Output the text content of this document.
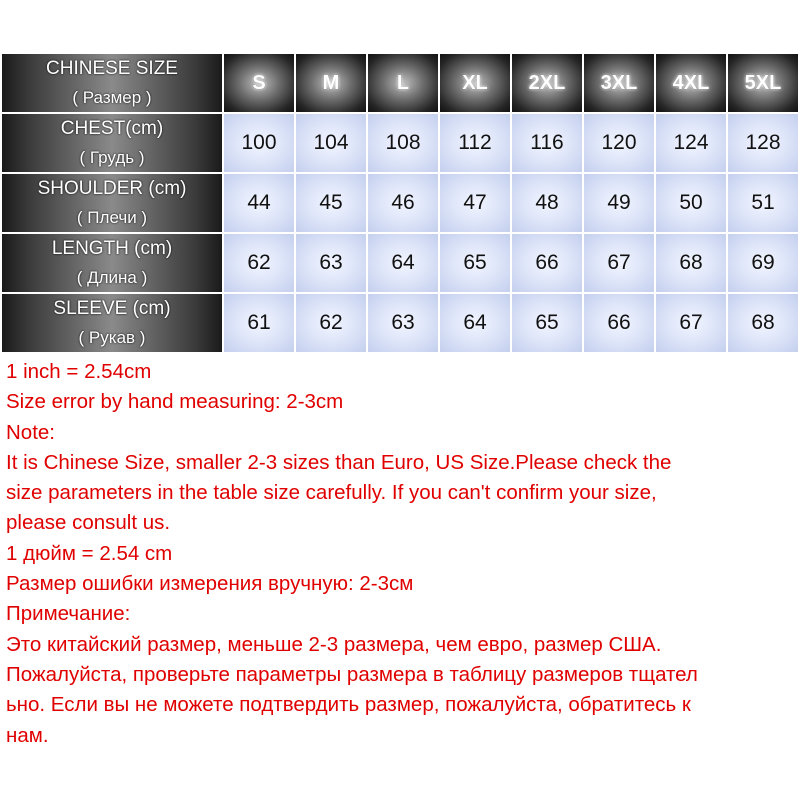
CHINESE SIZE
( Размер )	S	M	L	XL	2XL	3XL	4XL	5XL

CHEST(cm)
( Грудь )	100	104	108	112	116	120	124	128

SHOULDER (cm)
( Плечи )	44	45	46	47	48	49	50	51

LENGTH (cm)
( Длина )	62	63	64	65	66	67	68	69

SLEEVE (cm)
( Рукав )	61	62	63	64	65	66	67	68

1 inch = 2.54cm

Size error by hand measuring: 2-3cm

Note:

It is Chinese Size, smaller 2-3 sizes than Euro, US Size.Please check the

size parameters in the table size carefully. If you can't confirm your size,

please consult us.

1 дюйм = 2.54 cm

Размер ошибки измерения вручную: 2-3см

Примечание:

Это китайский размер, меньше 2-3 размера, чем евро, размер США.

Пожалуйста, проверьте параметры размера в таблицу размеров тщател

ьно. Если вы не можете подтвердить размер, пожалуйста, обратитесь к

нам.
